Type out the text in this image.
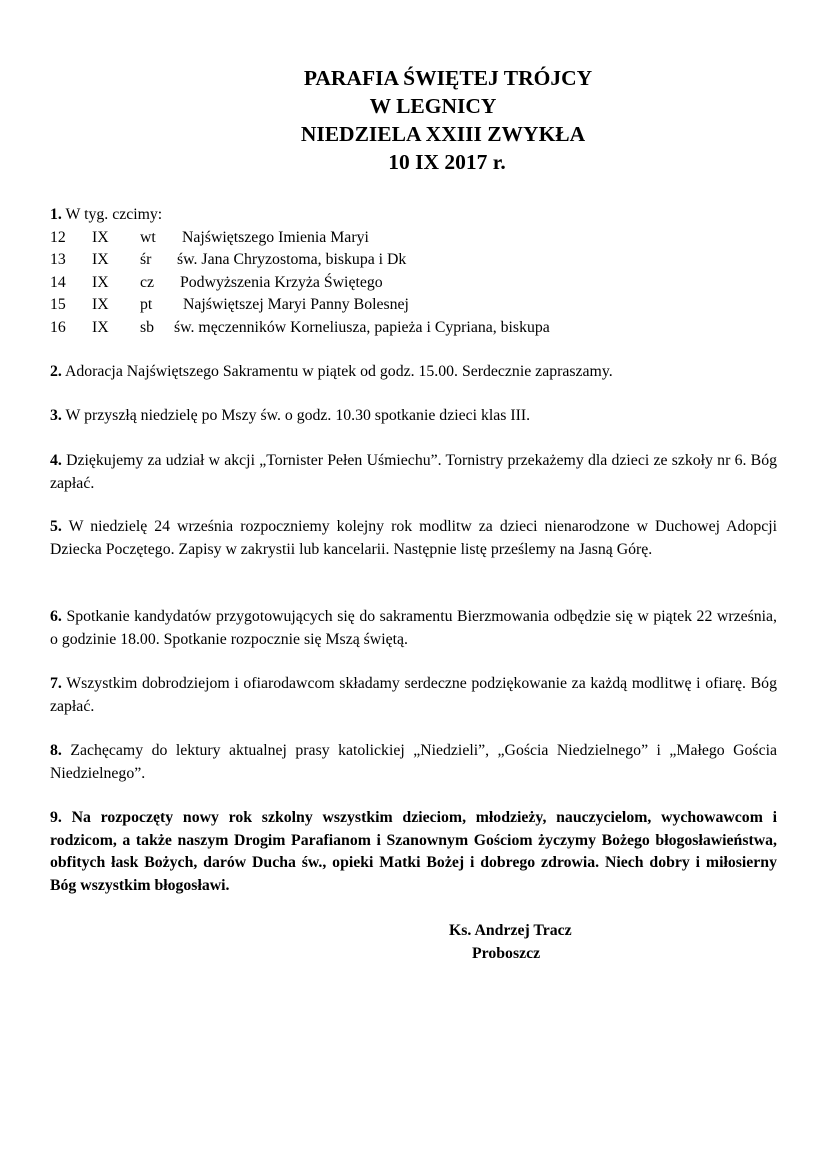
PARAFIA ŚWIĘTEJ TRÓJCY
W LEGNICY
NIEDZIELA XXIII ZWYKŁA
10 IX 2017 r.
1. W tyg. czcimy:
12 IX wt Najświętszego Imienia Maryi
13 IX śr św. Jana Chryzostoma, biskupa i Dk
14 IX cz Podwyższenia Krzyża Świętego
15 IX pt Najświętszej Maryi Panny Bolesnej
16 IX sb św. męczenników Korneliusza, papieża i Cypriana, biskupa
2. Adoracja Najświętszego Sakramentu w piątek od godz. 15.00. Serdecznie zapraszamy.
3. W przyszłą niedzielę po Mszy św. o godz. 10.30 spotkanie dzieci klas III.
4. Dziękujemy za udział w akcji „Tornister Pełen Uśmiechu”. Tornistry przekażemy dla dzieci ze szkoły nr 6. Bóg zapłać.
5. W niedzielę 24 września rozpoczniemy kolejny rok modlitw za dzieci nienarodzone w Duchowej Adopcji Dziecka Poczętego. Zapisy w zakrystii lub kancelarii. Następnie listę prześlemy na Jasną Górę.
6. Spotkanie kandydatów przygotowujących się do sakramentu Bierzmowania odbędzie się w piątek 22 września, o godzinie 18.00. Spotkanie rozpocznie się Mszą świętą.
7. Wszystkim dobrodziejom i ofiarodawcom składamy serdeczne podziękowanie za każdą modlitwę i ofiarę. Bóg zapłać.
8. Zachęcamy do lektury aktualnej prasy katolickiej „Niedzieli”, „Gościa Niedzielnego” i „Małego Gościa Niedzielnego”.
9. Na rozpoczęty nowy rok szkolny wszystkim dzieciom, młodzieży, nauczycielom, wychowawcom i rodzicom, a także naszym Drogim Parafianom i Szanownym Gościom życzymy Bożego błogosławieństwa, obfitych łask Bożych, darów Ducha św., opieki Matki Bożej i dobrego zdrowia. Niech dobry i miłosierny Bóg wszystkim błogosławi.
Ks. Andrzej Tracz
Proboszcz
